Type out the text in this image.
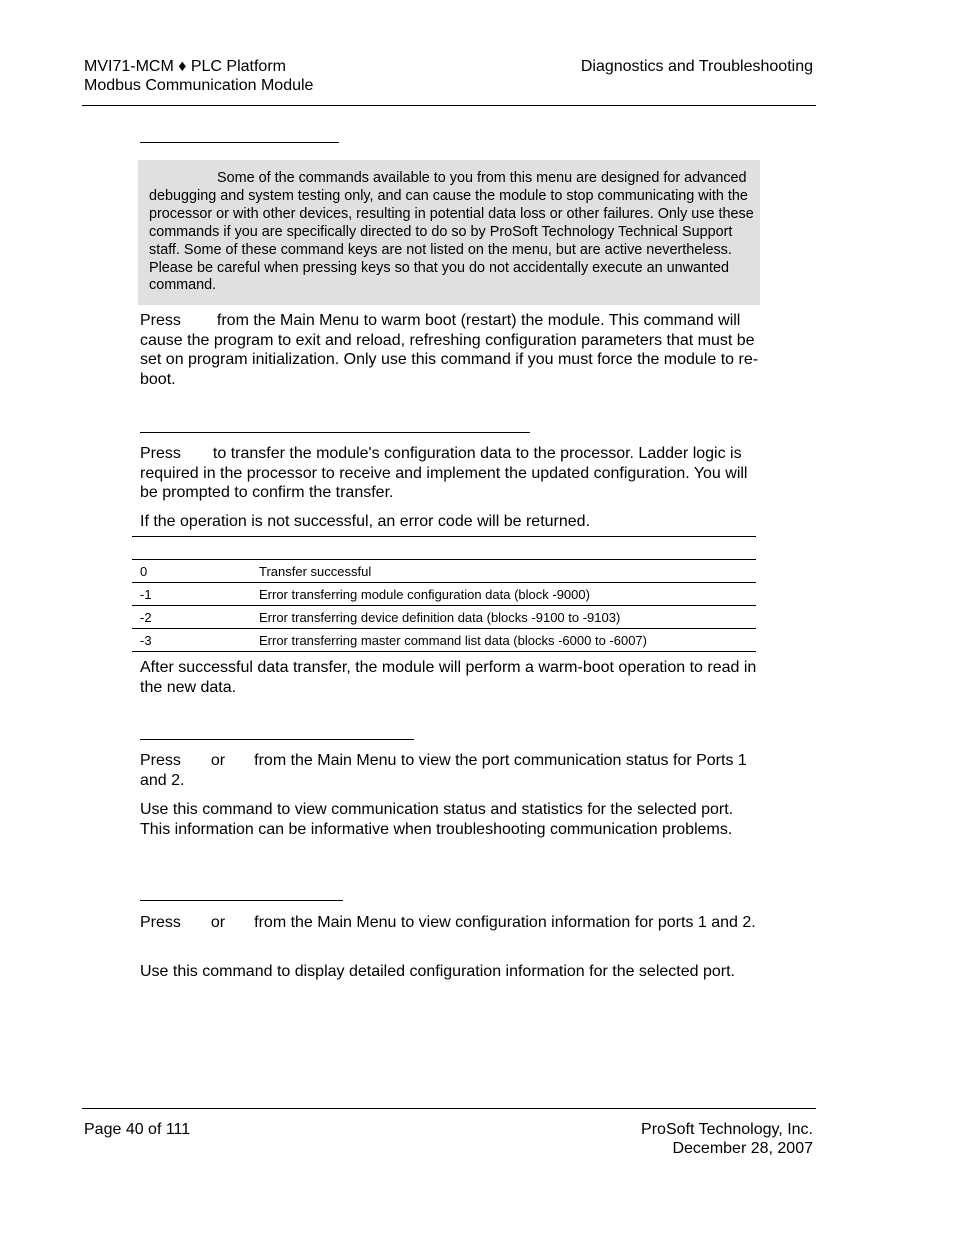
MVI71-MCM ♦ PLC Platform
Modbus Communication Module
Diagnostics and Troubleshooting
Some of the commands available to you from this menu are designed for advanced debugging and system testing only, and can cause the module to stop communicating with the processor or with other devices, resulting in potential data loss or other failures. Only use these commands if you are specifically directed to do so by ProSoft Technology Technical Support staff. Some of these command keys are not listed on the menu, but are active nevertheless. Please be careful when pressing keys so that you do not accidentally execute an unwanted command.
Press from the Main Menu to warm boot (restart) the module. This command will cause the program to exit and reload, refreshing configuration parameters that must be set on program initialization. Only use this command if you must force the module to re-boot.
Press to transfer the module's configuration data to the processor. Ladder logic is required in the processor to receive and implement the updated configuration. You will be prompted to confirm the transfer.
If the operation is not successful, an error code will be returned.

0	Transfer successful
-1	Error transferring module configuration data (block -9000)
-2	Error transferring device definition data (blocks -9100 to -9103)
-3	Error transferring master command list data (blocks -6000 to -6007)
After successful data transfer, the module will perform a warm-boot operation to read in the new data.
Press or from the Main Menu to view the port communication status for Ports 1 and 2.
Use this command to view communication status and statistics for the selected port. This information can be informative when troubleshooting communication problems.
Press or from the Main Menu to view configuration information for ports 1 and 2.
Use this command to display detailed configuration information for the selected port.
Page 40 of 111	ProSoft Technology, Inc.
December 28, 2007
